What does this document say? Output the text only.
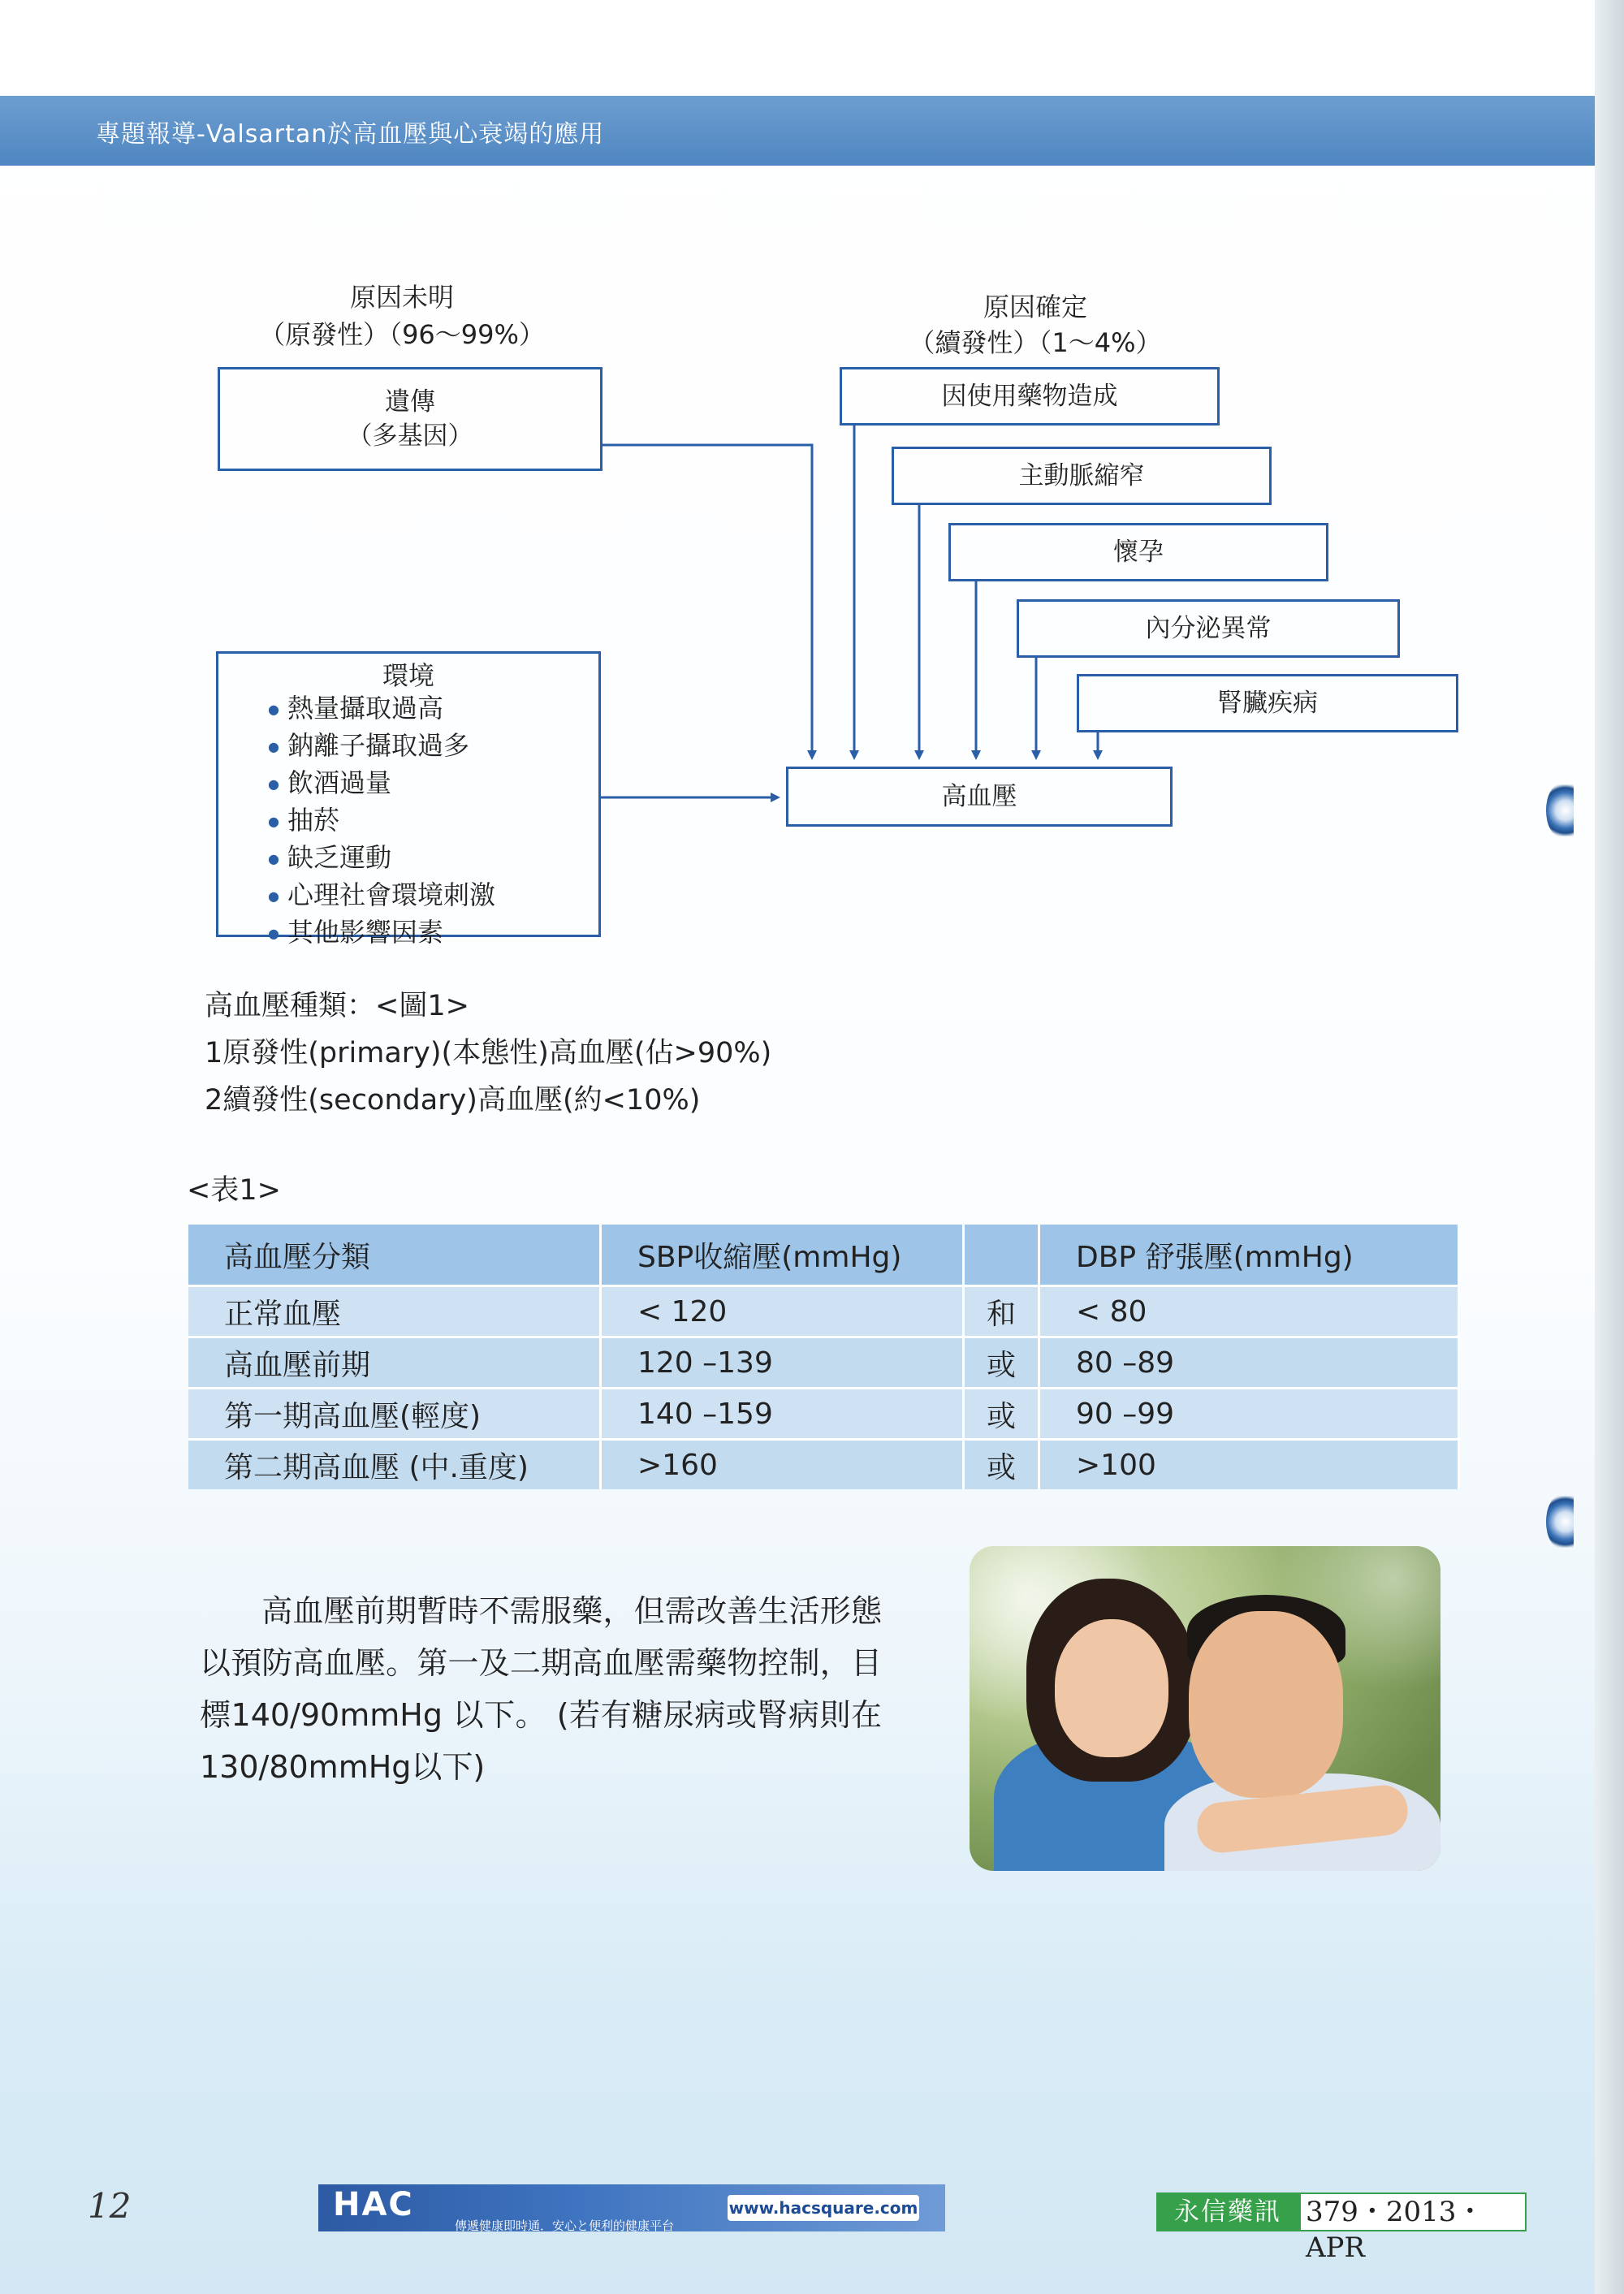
專題報導-Valsartan於高血壓與心衰竭的應用
原因未明
（原發性）（96〜99%）
原因確定
（續發性）（1〜4%）
遺傳
（多基因）
環境
● 熱量攝取過高
● 鈉離子攝取過多
● 飲酒過量
● 抽菸
● 缺乏運動
● 心理社會環境刺激
● 其他影響因素
因使用藥物造成
主動脈縮窄
懷孕
內分泌異常
腎臟疾病
高血壓
高血壓種類：<圖1>
1原發性(primary)(本態性)高血壓(佔>90%)
2續發性(secondary)高血壓(約<10%)
<表1>
高血壓分類	SBP收縮壓(mmHg)		DBP 舒張壓(mmHg)
正常血壓	< 120	和	< 80
高血壓前期	120 –139	或	80 –89
第一期高血壓(輕度)	140 –159	或	90 –99
第二期高血壓 (中.重度)	>160	或	>100
高血壓前期暫時不需服藥，但需改善生活形態以預防高血壓。第一及二期高血壓需藥物控制，目標140/90mmHg 以下。 (若有糖尿病或腎病則在130/80mmHg以下)
12	HAC
傳遞健康即時通．安心と便利的健康平台
www.hacsquare.com	永信藥訊 379・2013・APR
